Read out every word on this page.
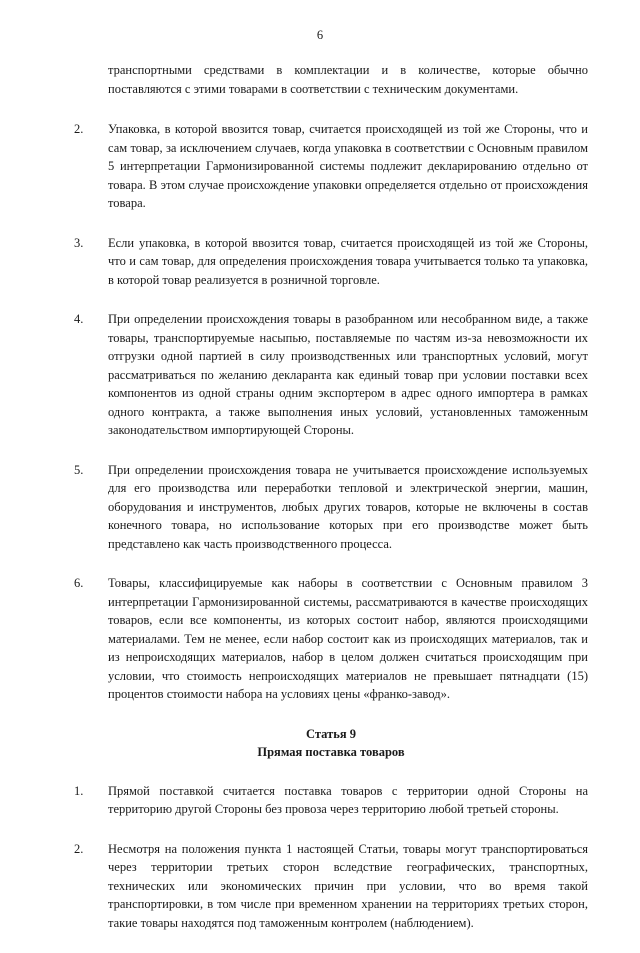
6

транспортными средствами в комплектации и в количестве, которые обычно поставляются с этими товарами в соответствии с техническим документами.

2. Упаковка, в которой ввозится товар, считается происходящей из той же Стороны, что и сам товар, за исключением случаев, когда упаковка в соответствии с Основным правилом 5 интерпретации Гармонизированной системы подлежит декларированию отдельно от товара. В этом случае происхождение упаковки определяется отдельно от происхождения товара.
3. Если упаковка, в которой ввозится товар, считается происходящей из той же Стороны, что и сам товар, для определения происхождения товара учитывается только та упаковка, в которой товар реализуется в розничной торговле.
4. При определении происхождения товары в разобранном или несобранном виде, а также товары, транспортируемые насыпью, поставляемые по частям из-за невозможности их отгрузки одной партией в силу производственных или транспортных условий, могут рассматриваться по желанию декларанта как единый товар при условии поставки всех компонентов из одной страны одним экспортером в адрес одного импортера в рамках одного контракта, а также выполнения иных условий, установленных таможенным законодательством импортирующей Стороны.
5. При определении происхождения товара не учитывается происхождение используемых для его производства или переработки тепловой и электрической энергии, машин, оборудования и инструментов, любых других товаров, которые не включены в состав конечного товара, но использование которых при его производстве может быть представлено как часть производственного процесса.
6. Товары, классифицируемые как наборы в соответствии с Основным правилом 3 интерпретации Гармонизированной системы, рассматриваются в качестве происходящих товаров, если все компоненты, из которых состоит набор, являются происходящими материалами. Тем не менее, если набор состоит как из происходящих материалов, так и из непроисходящих материалов, набор в целом должен считаться происходящим при условии, что стоимость непроисходящих материалов не превышает пятнадцати (15) процентов стоимости набора на условиях цены «франко-завод».
Статья 9
Прямая поставка товаров
1. Прямой поставкой считается поставка товаров с территории одной Стороны на территорию другой Стороны без провоза через территорию любой третьей стороны.
2. Несмотря на положения пункта 1 настоящей Статьи, товары могут транспортироваться через территории третьих сторон вследствие географических, транспортных, технических или экономических причин при условии, что во время такой транспортировки, в том числе при временном хранении на территориях третьих сторон, такие товары находятся под таможенным контролем (наблюдением).
